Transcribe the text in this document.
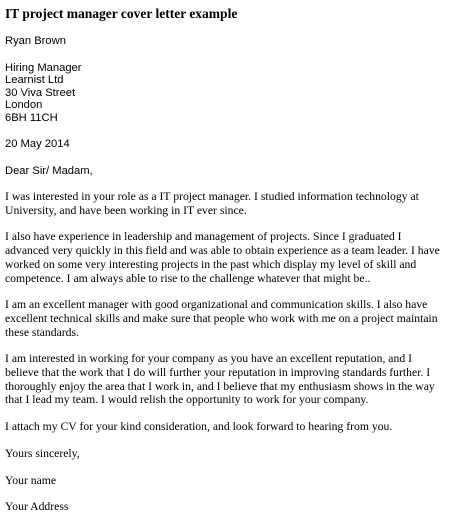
IT project manager cover letter example
Ryan Brown
Hiring Manager
Learnist Ltd
30 Viva Street
London
6BH 11CH
20 May 2014
Dear Sir/ Madam,
I was interested in your role as a IT project manager. I studied information technology at
University, and have been working in IT ever since.
I also have experience in leadership and management of projects. Since I graduated I
advanced very quickly in this field and was able to obtain experience as a team leader. I have
worked on some very interesting projects in the past which display my level of skill and
competence. I am always able to rise to the challenge whatever that might be..
I am an excellent manager with good organizational and communication skills. I also have
excellent technical skills and make sure that people who work with me on a project maintain
these standards.
I am interested in working for your company as you have an excellent reputation, and I
believe that the work that I do will further your reputation in improving standards further. I
thoroughly enjoy the area that I work in, and I believe that my enthusiasm shows in the way
that I lead my team. I would relish the opportunity to work for your company.
I attach my CV for your kind consideration, and look forward to hearing from you.
Yours sincerely,
Your name
Your Address
